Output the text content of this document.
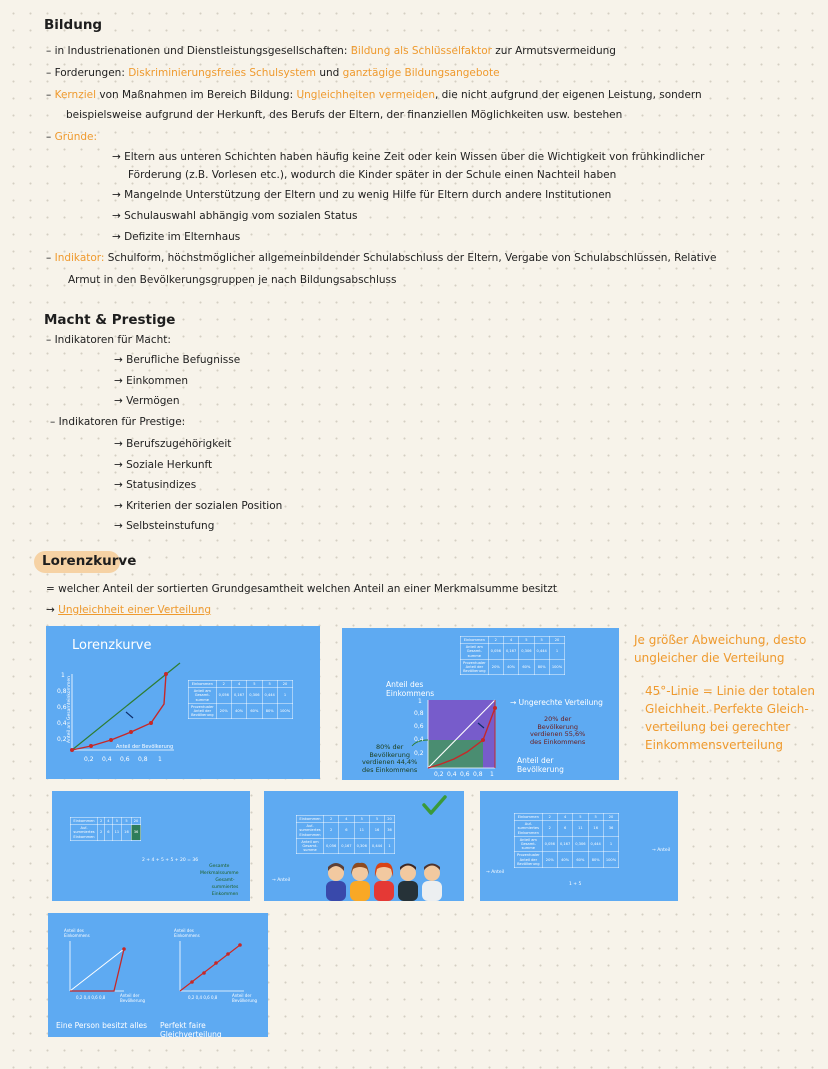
Bildung
– in Industrienationen und Dienstleistungsgesellschaften: Bildung als Schlüsselfaktor zur Armutsvermeidung
– Forderungen: Diskriminierungsfreies Schulsystem und ganztägige Bildungsangebote
– Kernziel von Maßnahmen im Bereich Bildung: Ungleichheiten vermeiden, die nicht aufgrund der eigenen Leistung, sondern
beispielsweise aufgrund der Herkunft, des Berufs der Eltern, der finanziellen Möglichkeiten usw. bestehen
– Gründe:
→ Eltern aus unteren Schichten haben häufig keine Zeit oder kein Wissen über die Wichtigkeit von frühkindlicher
Förderung (z.B. Vorlesen etc.), wodurch die Kinder später in der Schule einen Nachteil haben
→ Mangelnde Unterstützung der Eltern und zu wenig Hilfe für Eltern durch andere Institutionen
→ Schulauswahl abhängig vom sozialen Status
→ Defizite im Elternhaus
– Indikator: Schulform, höchstmöglicher allgemeinbildender Schulabschluss der Eltern, Vergabe von Schulabschlüssen, Relative
Armut in den Bevölkerungsgruppen je nach Bildungsabschluss
Macht & Prestige
– Indikatoren für Macht:
→ Berufliche Befugnisse
→ Einkommen
→ Vermögen
– Indikatoren für Prestige:
→ Berufszugehörigkeit
→ Soziale Herkunft
→ Statusindizes
→ Kriterien der sozialen Position
→ Selbsteinstufung
Lorenzkurve
= welcher Anteil der sortierten Grundgesamtheit welchen Anteil an einer Merkmalsumme besitzt
→ Ungleichheit einer Verteilung
Je größer Abweichung, desto
ungleicher die Verteilung
45°-Linie = Linie der totalen
Gleichheit. Perfekte Gleich-
verteilung bei gerechter
Einkommensverteilung
Lorenzkurve
1
0,8
0,6
0,4
0,2
0,2 0,4 0,6 0,8 1
Anteil der Bevölkerung
Anteil am Gesamteinkommen	Einkommen	2	4	5	5	20
Anteil am Gesamt-summe	0,056	0,167	0,306	0,444	1
Prozentualer Anteil der Bevölkerung	20%	40%	60%	80%	100%
Einkommen	2	4	5	5	20
Anteil am Gesamt-summe	0,056	0,167	0,306	0,444	1
Prozentualer Anteil der Bevölkerung	20%	40%	60%	80%	100%
Anteil des
Einkommens
1
0,8
0,6
0,4
0,2
→ Ungerechte Verteilung
20% der
Bevölkerung
verdienen 55,6%
des Einkommens
80% der
Bevölkerung
verdienen 44,4%
des Einkommens
0,2 0,4 0,6 0,8 1
Anteil der
Bevölkerung
Einkommen	2	4	5	5	20
Auf-summiertes Einkommen	2	6	11	16	36
2 + 4 + 5 + 5 + 20 = 36
Gesamte
Merkmalssumme
Gesamt-
summiertes Einkommen
Einkommen	2	4	5	5	20
Auf-summiertes Einkommen	2	6	11	16	36
Anteil am Gesamt-summe	0,056	0,167	0,306	0,444	1
→ Anteil
Einkommen	2	4	5	5	20
Auf-summiertes Einkommen	2	6	11	16	36
Anteil am Gesamt-summe	0,056	0,167	0,306	0,444	1
Prozentualer Anteil der Bevölkerung	20%	40%	60%	80%	100%
→ Anteil
→ Anteil
1 + 5
Anteil des
Einkommens
Anteil des
Einkommens
0,2 0,4 0,6 0,8	Anteil der
Bevölkerung	0,2 0,4 0,6 0,8	Anteil der
Bevölkerung
Eine Person besitzt alles Perfekt faire Gleichverteilung
